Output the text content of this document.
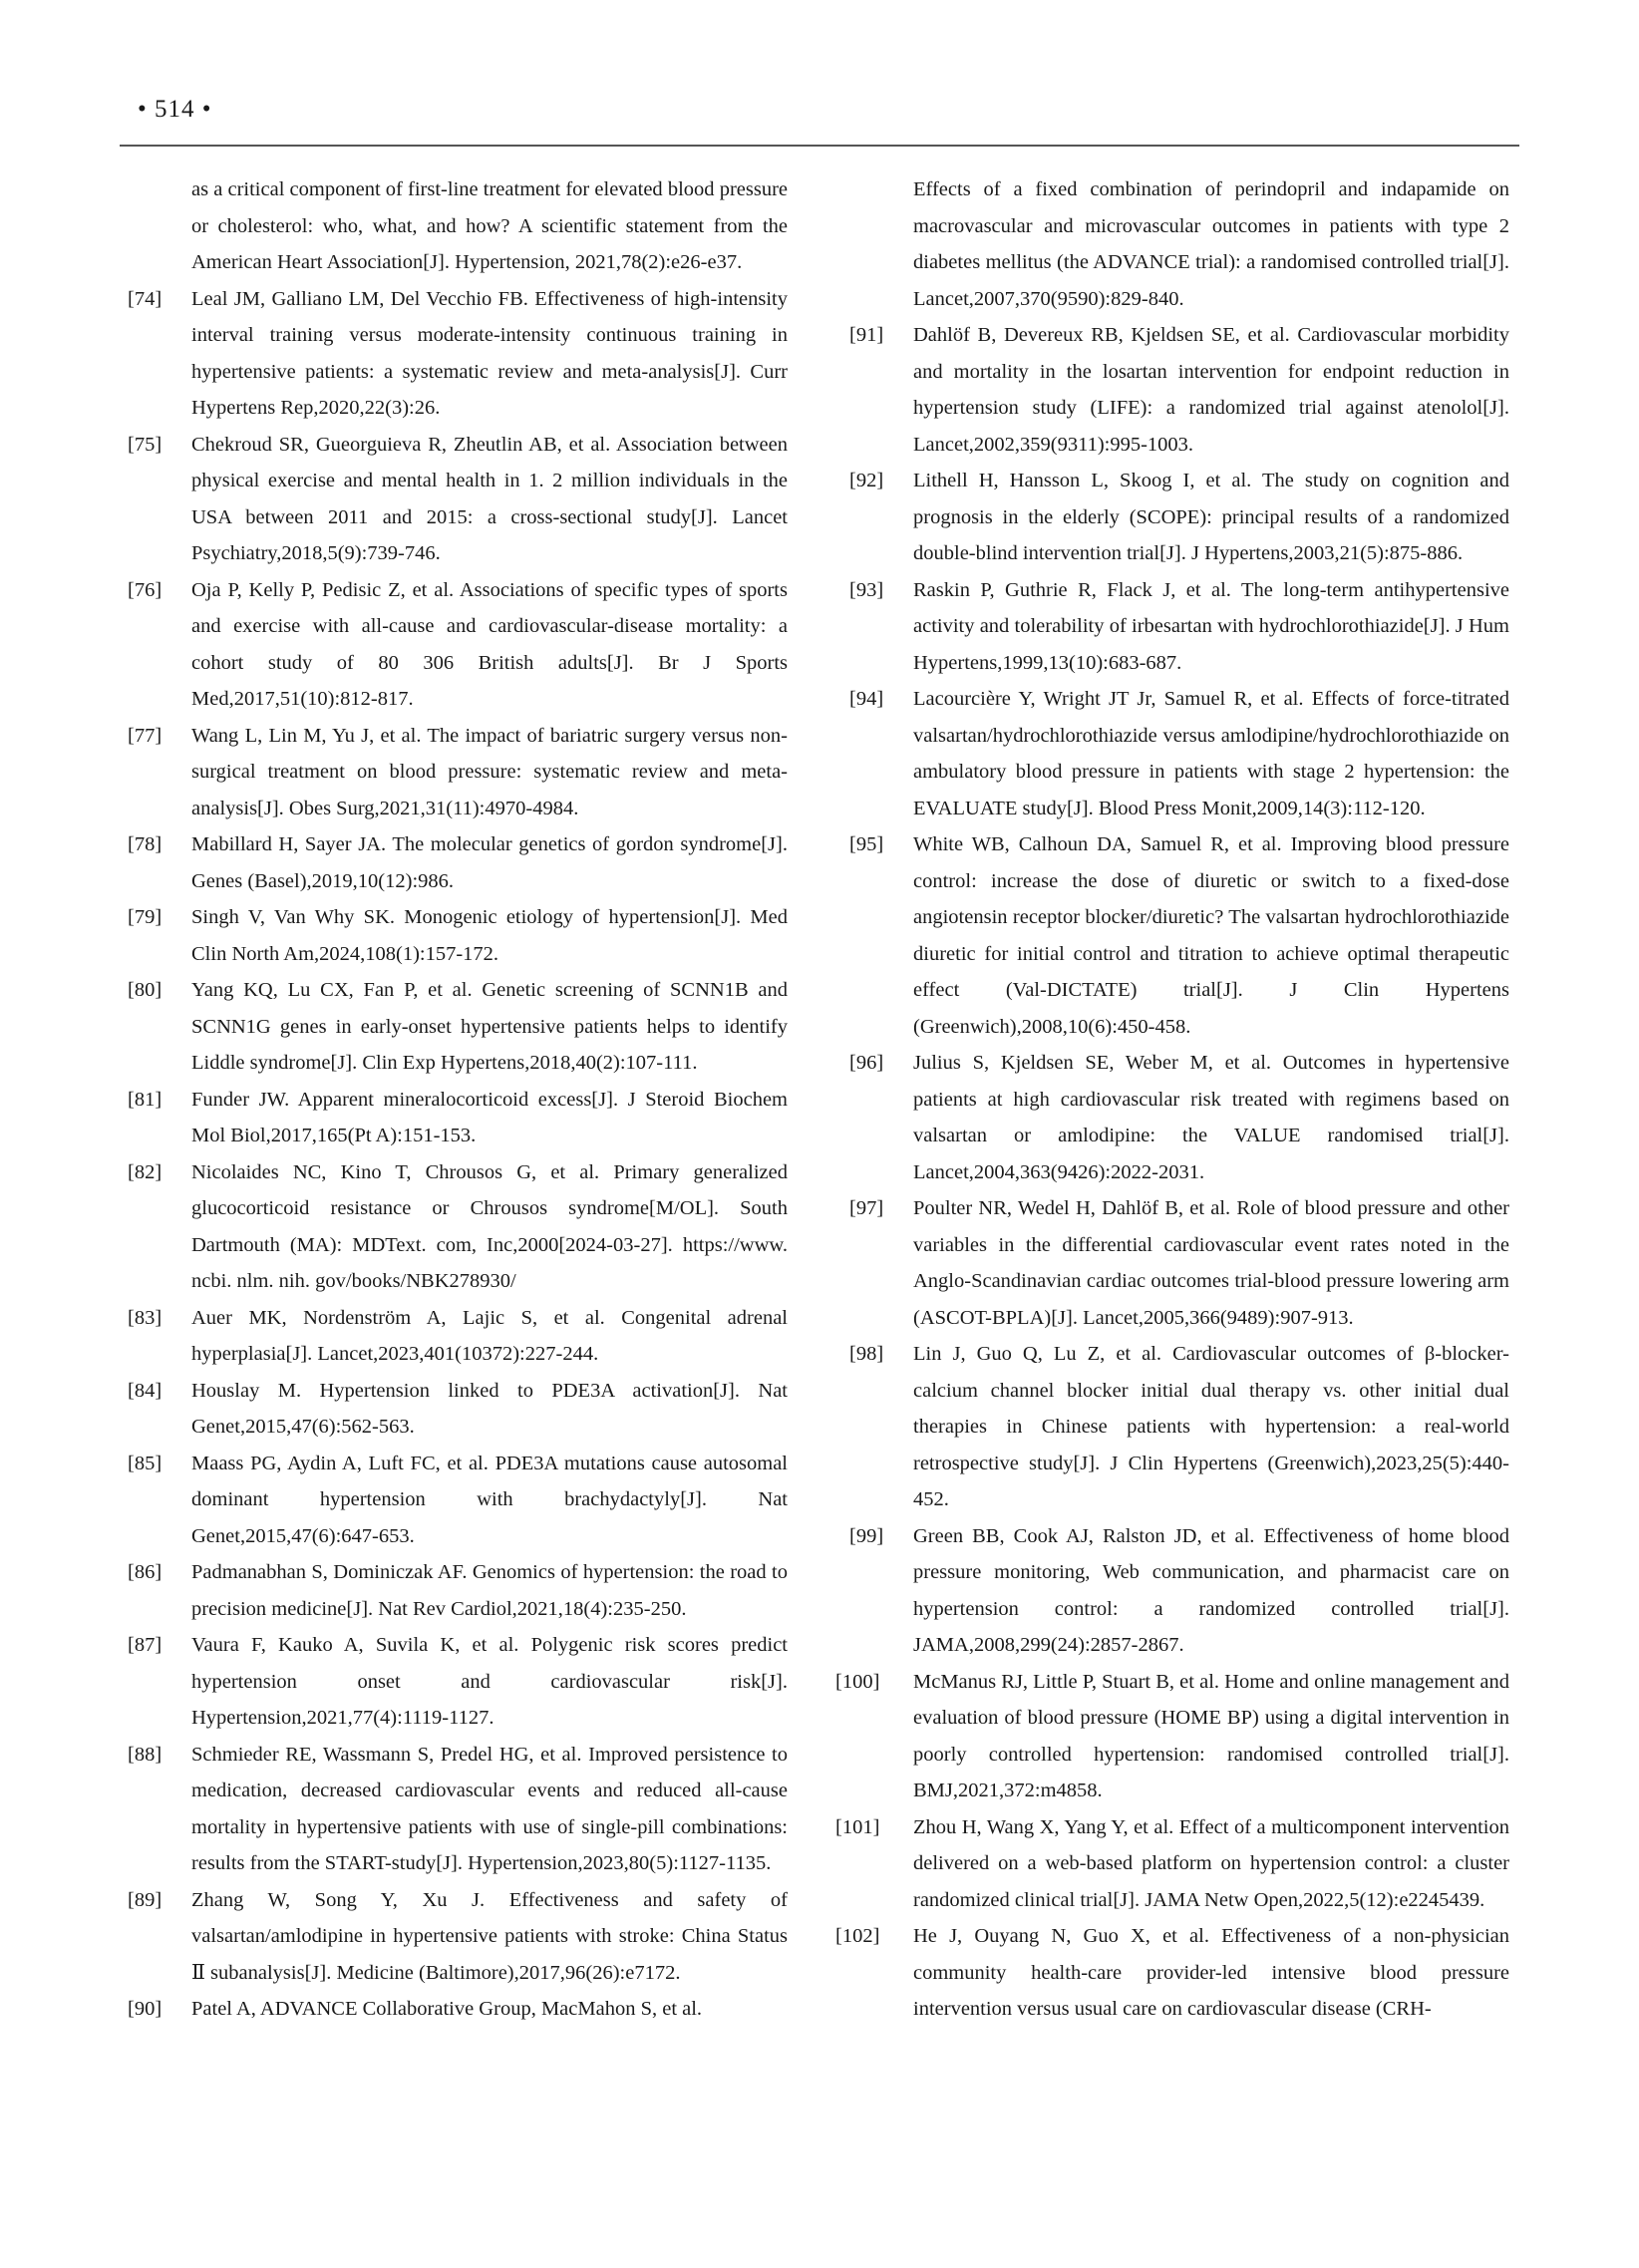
• 514 •
as a critical component of first-line treatment for elevated blood pressure or cholesterol: who, what, and how? A scientific statement from the American Heart Association[J]. Hypertension, 2021,78(2):e26-e37.
[74] Leal JM, Galliano LM, Del Vecchio FB. Effectiveness of high-intensity interval training versus moderate-intensity continuous training in hypertensive patients: a systematic review and meta-analysis[J]. Curr Hypertens Rep,2020,22(3):26.
[75] Chekroud SR, Gueorguieva R, Zheutlin AB, et al. Association between physical exercise and mental health in 1. 2 million individuals in the USA between 2011 and 2015: a cross-sectional study[J]. Lancet Psychiatry,2018,5(9):739-746.
[76] Oja P, Kelly P, Pedisic Z, et al. Associations of specific types of sports and exercise with all-cause and cardiovascular-disease mortality: a cohort study of 80 306 British adults[J]. Br J Sports Med,2017,51(10):812-817.
[77] Wang L, Lin M, Yu J, et al. The impact of bariatric surgery versus non-surgical treatment on blood pressure: systematic review and meta-analysis[J]. Obes Surg,2021,31(11):4970-4984.
[78] Mabillard H, Sayer JA. The molecular genetics of gordon syndrome[J]. Genes (Basel),2019,10(12):986.
[79] Singh V, Van Why SK. Monogenic etiology of hypertension[J]. Med Clin North Am,2024,108(1):157-172.
[80] Yang KQ, Lu CX, Fan P, et al. Genetic screening of SCNN1B and SCNN1G genes in early-onset hypertensive patients helps to identify Liddle syndrome[J]. Clin Exp Hypertens,2018,40(2):107-111.
[81] Funder JW. Apparent mineralocorticoid excess[J]. J Steroid Biochem Mol Biol,2017,165(Pt A):151-153.
[82] Nicolaides NC, Kino T, Chrousos G, et al. Primary generalized glucocorticoid resistance or Chrousos syndrome[M/OL]. South Dartmouth (MA): MDText. com, Inc,2000[2024-03-27]. https://www. ncbi. nlm. nih. gov/books/NBK278930/
[83] Auer MK, Nordenström A, Lajic S, et al. Congenital adrenal hyperplasia[J]. Lancet,2023,401(10372):227-244.
[84] Houslay M. Hypertension linked to PDE3A activation[J]. Nat Genet,2015,47(6):562-563.
[85] Maass PG, Aydin A, Luft FC, et al. PDE3A mutations cause autosomal dominant hypertension with brachydactyly[J]. Nat Genet,2015,47(6):647-653.
[86] Padmanabhan S, Dominiczak AF. Genomics of hypertension: the road to precision medicine[J]. Nat Rev Cardiol,2021,18(4):235-250.
[87] Vaura F, Kauko A, Suvila K, et al. Polygenic risk scores predict hypertension onset and cardiovascular risk[J]. Hypertension,2021,77(4):1119-1127.
[88] Schmieder RE, Wassmann S, Predel HG, et al. Improved persistence to medication, decreased cardiovascular events and reduced all-cause mortality in hypertensive patients with use of single-pill combinations: results from the START-study[J]. Hypertension,2023,80(5):1127-1135.
[89] Zhang W, Song Y, Xu J. Effectiveness and safety of valsartan/amlodipine in hypertensive patients with stroke: China Status Ⅱ subanalysis[J]. Medicine (Baltimore),2017,96(26):e7172.
[90] Patel A, ADVANCE Collaborative Group, MacMahon S, et al.
Effects of a fixed combination of perindopril and indapamide on macrovascular and microvascular outcomes in patients with type 2 diabetes mellitus (the ADVANCE trial): a randomised controlled trial[J]. Lancet,2007,370(9590):829-840.
[91] Dahlöf B, Devereux RB, Kjeldsen SE, et al. Cardiovascular morbidity and mortality in the losartan intervention for endpoint reduction in hypertension study (LIFE): a randomized trial against atenolol[J]. Lancet,2002,359(9311):995-1003.
[92] Lithell H, Hansson L, Skoog I, et al. The study on cognition and prognosis in the elderly (SCOPE): principal results of a randomized double-blind intervention trial[J]. J Hypertens,2003,21(5):875-886.
[93] Raskin P, Guthrie R, Flack J, et al. The long-term antihypertensive activity and tolerability of irbesartan with hydrochlorothiazide[J]. J Hum Hypertens,1999,13(10):683-687.
[94] Lacourcière Y, Wright JT Jr, Samuel R, et al. Effects of force-titrated valsartan/hydrochlorothiazide versus amlodipine/hydrochlorothiazide on ambulatory blood pressure in patients with stage 2 hypertension: the EVALUATE study[J]. Blood Press Monit,2009,14(3):112-120.
[95] White WB, Calhoun DA, Samuel R, et al. Improving blood pressure control: increase the dose of diuretic or switch to a fixed-dose angiotensin receptor blocker/diuretic? The valsartan hydrochlorothiazide diuretic for initial control and titration to achieve optimal therapeutic effect (Val-DICTATE) trial[J]. J Clin Hypertens (Greenwich),2008,10(6):450-458.
[96] Julius S, Kjeldsen SE, Weber M, et al. Outcomes in hypertensive patients at high cardiovascular risk treated with regimens based on valsartan or amlodipine: the VALUE randomised trial[J]. Lancet,2004,363(9426):2022-2031.
[97] Poulter NR, Wedel H, Dahlöf B, et al. Role of blood pressure and other variables in the differential cardiovascular event rates noted in the Anglo-Scandinavian cardiac outcomes trial-blood pressure lowering arm (ASCOT-BPLA)[J]. Lancet,2005,366(9489):907-913.
[98] Lin J, Guo Q, Lu Z, et al. Cardiovascular outcomes of β-blocker-calcium channel blocker initial dual therapy vs. other initial dual therapies in Chinese patients with hypertension: a real-world retrospective study[J]. J Clin Hypertens (Greenwich),2023,25(5):440-452.
[99] Green BB, Cook AJ, Ralston JD, et al. Effectiveness of home blood pressure monitoring, Web communication, and pharmacist care on hypertension control: a randomized controlled trial[J]. JAMA,2008,299(24):2857-2867.
[100] McManus RJ, Little P, Stuart B, et al. Home and online management and evaluation of blood pressure (HOME BP) using a digital intervention in poorly controlled hypertension: randomised controlled trial[J]. BMJ,2021,372:m4858.
[101] Zhou H, Wang X, Yang Y, et al. Effect of a multicomponent intervention delivered on a web-based platform on hypertension control: a cluster randomized clinical trial[J]. JAMA Netw Open,2022,5(12):e2245439.
[102] He J, Ouyang N, Guo X, et al. Effectiveness of a non-physician community health-care provider-led intensive blood pressure intervention versus usual care on cardiovascular disease (CRH-
